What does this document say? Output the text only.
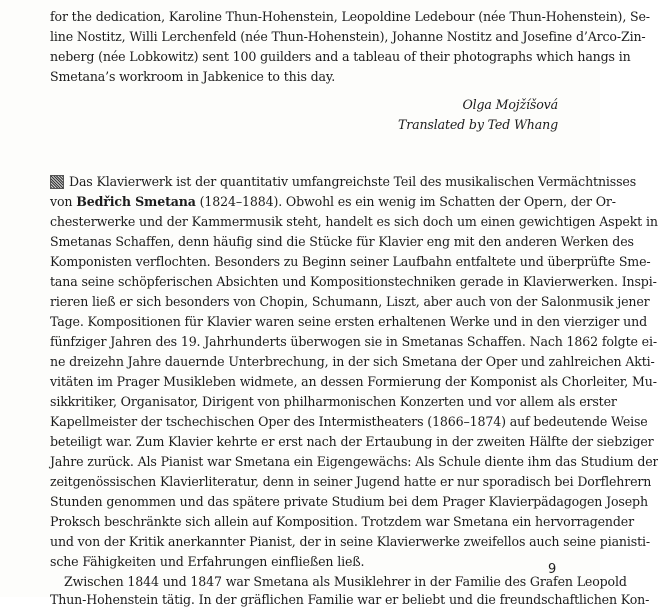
for the dedication, Karoline Thun-Hohenstein, Leopoldine Ledebour (née Thun-Hohenstein), Se-
line Nostitz, Willi Lerchenfeld (née Thun-Hohenstein), Johanne Nostitz and Josefine d’Arco-Zin-
neberg (née Lobkowitz) sent 100 guilders and a tableau of their photographs which hangs in
Smetana’s workroom in Jabkenice to this day.
Olga Mojžíšová
Translated by Ted Whang
Das Klavierwerk ist der quantitativ umfangreichste Teil des musikalischen Vermächtnisses
von Bedřich Smetana (1824–1884). Obwohl es ein wenig im Schatten der Opern, der Or-
chesterwerke und der Kammermusik steht, handelt es sich doch um einen gewichtigen Aspekt in
Smetanas Schaffen, denn häufig sind die Stücke für Klavier eng mit den anderen Werken des
Komponisten verflochten. Besonders zu Beginn seiner Laufbahn entfaltete und überprüfte Sme-
tana seine schöpferischen Absichten und Kompositionstechniken gerade in Klavierwerken. Inspi-
rieren ließ er sich besonders von Chopin, Schumann, Liszt, aber auch von der Salonmusik jener
Tage. Kompositionen für Klavier waren seine ersten erhaltenen Werke und in den vierziger und
fünfziger Jahren des 19. Jahrhunderts überwogen sie in Smetanas Schaffen. Nach 1862 folgte ei-
ne dreizehn Jahre dauernde Unterbrechung, in der sich Smetana der Oper und zahlreichen Akti-
vitäten im Prager Musikleben widmete, an dessen Formierung der Komponist als Chorleiter, Mu-
sikkritiker, Organisator, Dirigent von philharmonischen Konzerten und vor allem als erster
Kapellmeister der tschechischen Oper des Intermistheaters (1866–1874) auf bedeutende Weise
beteiligt war. Zum Klavier kehrte er erst nach der Ertaubung in der zweiten Hälfte der siebziger
Jahre zurück. Als Pianist war Smetana ein Eigengewächs: Als Schule diente ihm das Studium der
zeitgenössischen Klavierliteratur, denn in seiner Jugend hatte er nur sporadisch bei Dorflehrern
Stunden genommen und das spätere private Studium bei dem Prager Klavierpädagogen Joseph
Proksch beschränkte sich allein auf Komposition. Trotzdem war Smetana ein hervorragender
und von der Kritik anerkannter Pianist, der in seine Klavierwerke zweifellos auch seine pianisti-
sche Fähigkeiten und Erfahrungen einfließen ließ.
Zwischen 1844 und 1847 war Smetana als Musiklehrer in der Familie des Grafen Leopold
Thun-Hohenstein tätig. In der gräflichen Familie war er beliebt und die freundschaftlichen Kon-
9
